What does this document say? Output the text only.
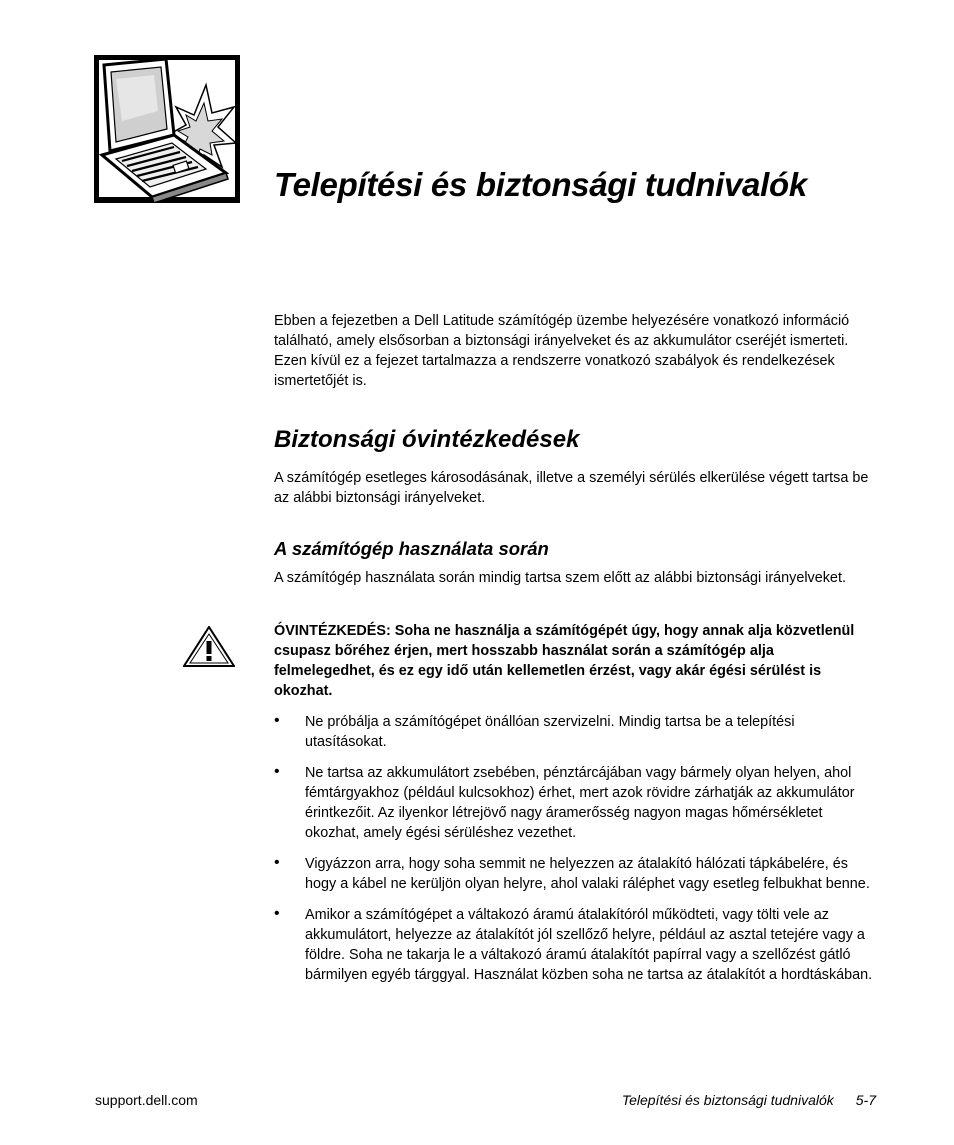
Telepítési és biztonsági tudnivalók

Ebben a fejezetben a Dell Latitude számítógép üzembe helyezésére vonatkozó információ található, amely elsősorban a biztonsági irányelveket és az akkumulátor cseréjét ismerteti. Ezen kívül ez a fejezet tartalmazza a rendszerre vonatkozó szabályok és rendelkezések ismertetőjét is.

Biztonsági óvintézkedések

A számítógép esetleges károsodásának, illetve a személyi sérülés elkerülése végett tartsa be az alábbi biztonsági irányelveket.

A számítógép használata során

A számítógép használata során mindig tartsa szem előtt az alábbi biztonsági irányelveket.

ÓVINTÉZKEDÉS: Soha ne használja a számítógépét úgy, hogy annak alja közvetlenül csupasz bőréhez érjen, mert hosszabb használat során a számítógép alja felmelegedhet, és ez egy idő után kellemetlen érzést, vagy akár égési sérülést is okozhat.

• Ne próbálja a számítógépet önállóan szervizelni. Mindig tartsa be a telepítési utasításokat.
• Ne tartsa az akkumulátort zsebében, pénztárcájában vagy bármely olyan helyen, ahol fémtárgyakhoz (például kulcsokhoz) érhet, mert azok rövidre zárhatják az akkumulátor érintkezőit. Az ilyenkor létrejövő nagy áramerősség nagyon magas hőmérsékletet okozhat, amely égési sérüléshez vezethet.
• Vigyázzon arra, hogy soha semmit ne helyezzen az átalakító hálózati tápkábelére, és hogy a kábel ne kerüljön olyan helyre, ahol valaki ráléphet vagy esetleg felbukhat benne.
• Amikor a számítógépet a váltakozó áramú átalakítóról működteti, vagy tölti vele az akkumulátort, helyezze az átalakítót jól szellőző helyre, például az asztal tetejére vagy a földre. Soha ne takarja le a váltakozó áramú átalakítót papírral vagy a szellőzést gátló bármilyen egyéb tárggyal. Használat közben soha ne tartsa az átalakítót a hordtáskában.
support.dell.com	Telepítési és biztonsági tudnivalók 5-7
